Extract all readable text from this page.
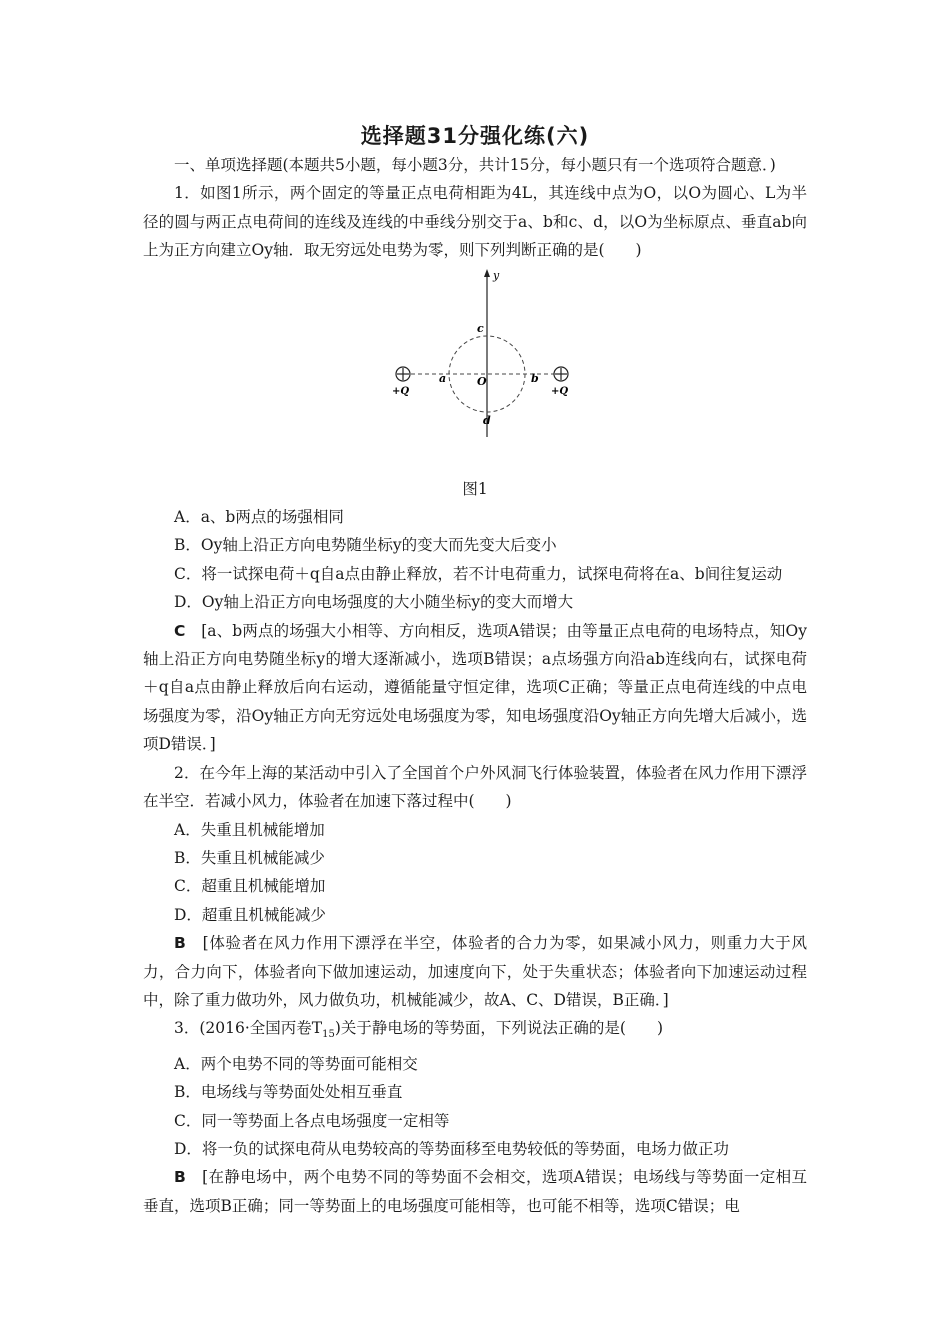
选择题31分强化练(六)

一、单项选择题(本题共5小题，每小题3分，共计15分，每小题只有一个选项符合题意．)

1．如图1所示，两个固定的等量正点电荷相距为4L，其连线中点为O，以O为圆心、L为半径的圆与两正点电荷间的连线及连线的中垂线分别交于a、b和c、d，以O为坐标原点、垂直ab向上为正方向建立Oy轴．取无穷远处电势为零，则下列判断正确的是(　　)

y
c
a	O	b
d
+Q	+Q

图1

A．a、b两点的场强相同

B．Oy轴上沿正方向电势随坐标y的变大而先变大后变小

C．将一试探电荷＋q自a点由静止释放，若不计电荷重力，试探电荷将在a、b间往复运动

D．Oy轴上沿正方向电场强度的大小随坐标y的变大而增大

C　 [a、b两点的场强大小相等、方向相反，选项A错误；由等量正点电荷的电场特点，知Oy轴上沿正方向电势随坐标y的增大逐渐减小，选项B错误；a点场强方向沿ab连线向右，试探电荷＋q自a点由静止释放后向右运动，遵循能量守恒定律，选项C正确；等量正点电荷连线的中点电场强度为零，沿Oy轴正方向无穷远处电场强度为零，知电场强度沿Oy轴正方向先增大后减小，选项D错误．]

2．在今年上海的某活动中引入了全国首个户外风洞飞行体验装置，体验者在风力作用下漂浮在半空．若减小风力，体验者在加速下落过程中(　　)

A．失重且机械能增加

B．失重且机械能减少

C．超重且机械能增加

D．超重且机械能减少

B　 [体验者在风力作用下漂浮在半空，体验者的合力为零，如果减小风力，则重力大于风力，合力向下，体验者向下做加速运动，加速度向下，处于失重状态；体验者向下加速运动过程中，除了重力做功外，风力做负功，机械能减少，故A、C、D错误，B正确．]

3．(2016·全国丙卷$T_{15}$)关于静电场的等势面，下列说法正确的是(　　)

A．两个电势不同的等势面可能相交

B．电场线与等势面处处相互垂直

C．同一等势面上各点电场强度一定相等

D．将一负的试探电荷从电势较高的等势面移至电势较低的等势面，电场力做正功

B　 [在静电场中，两个电势不同的等势面不会相交，选项A错误；电场线与等势面一定相互垂直，选项B正确；同一等势面上的电场强度可能相等，也可能不相等，选项C错误；电
